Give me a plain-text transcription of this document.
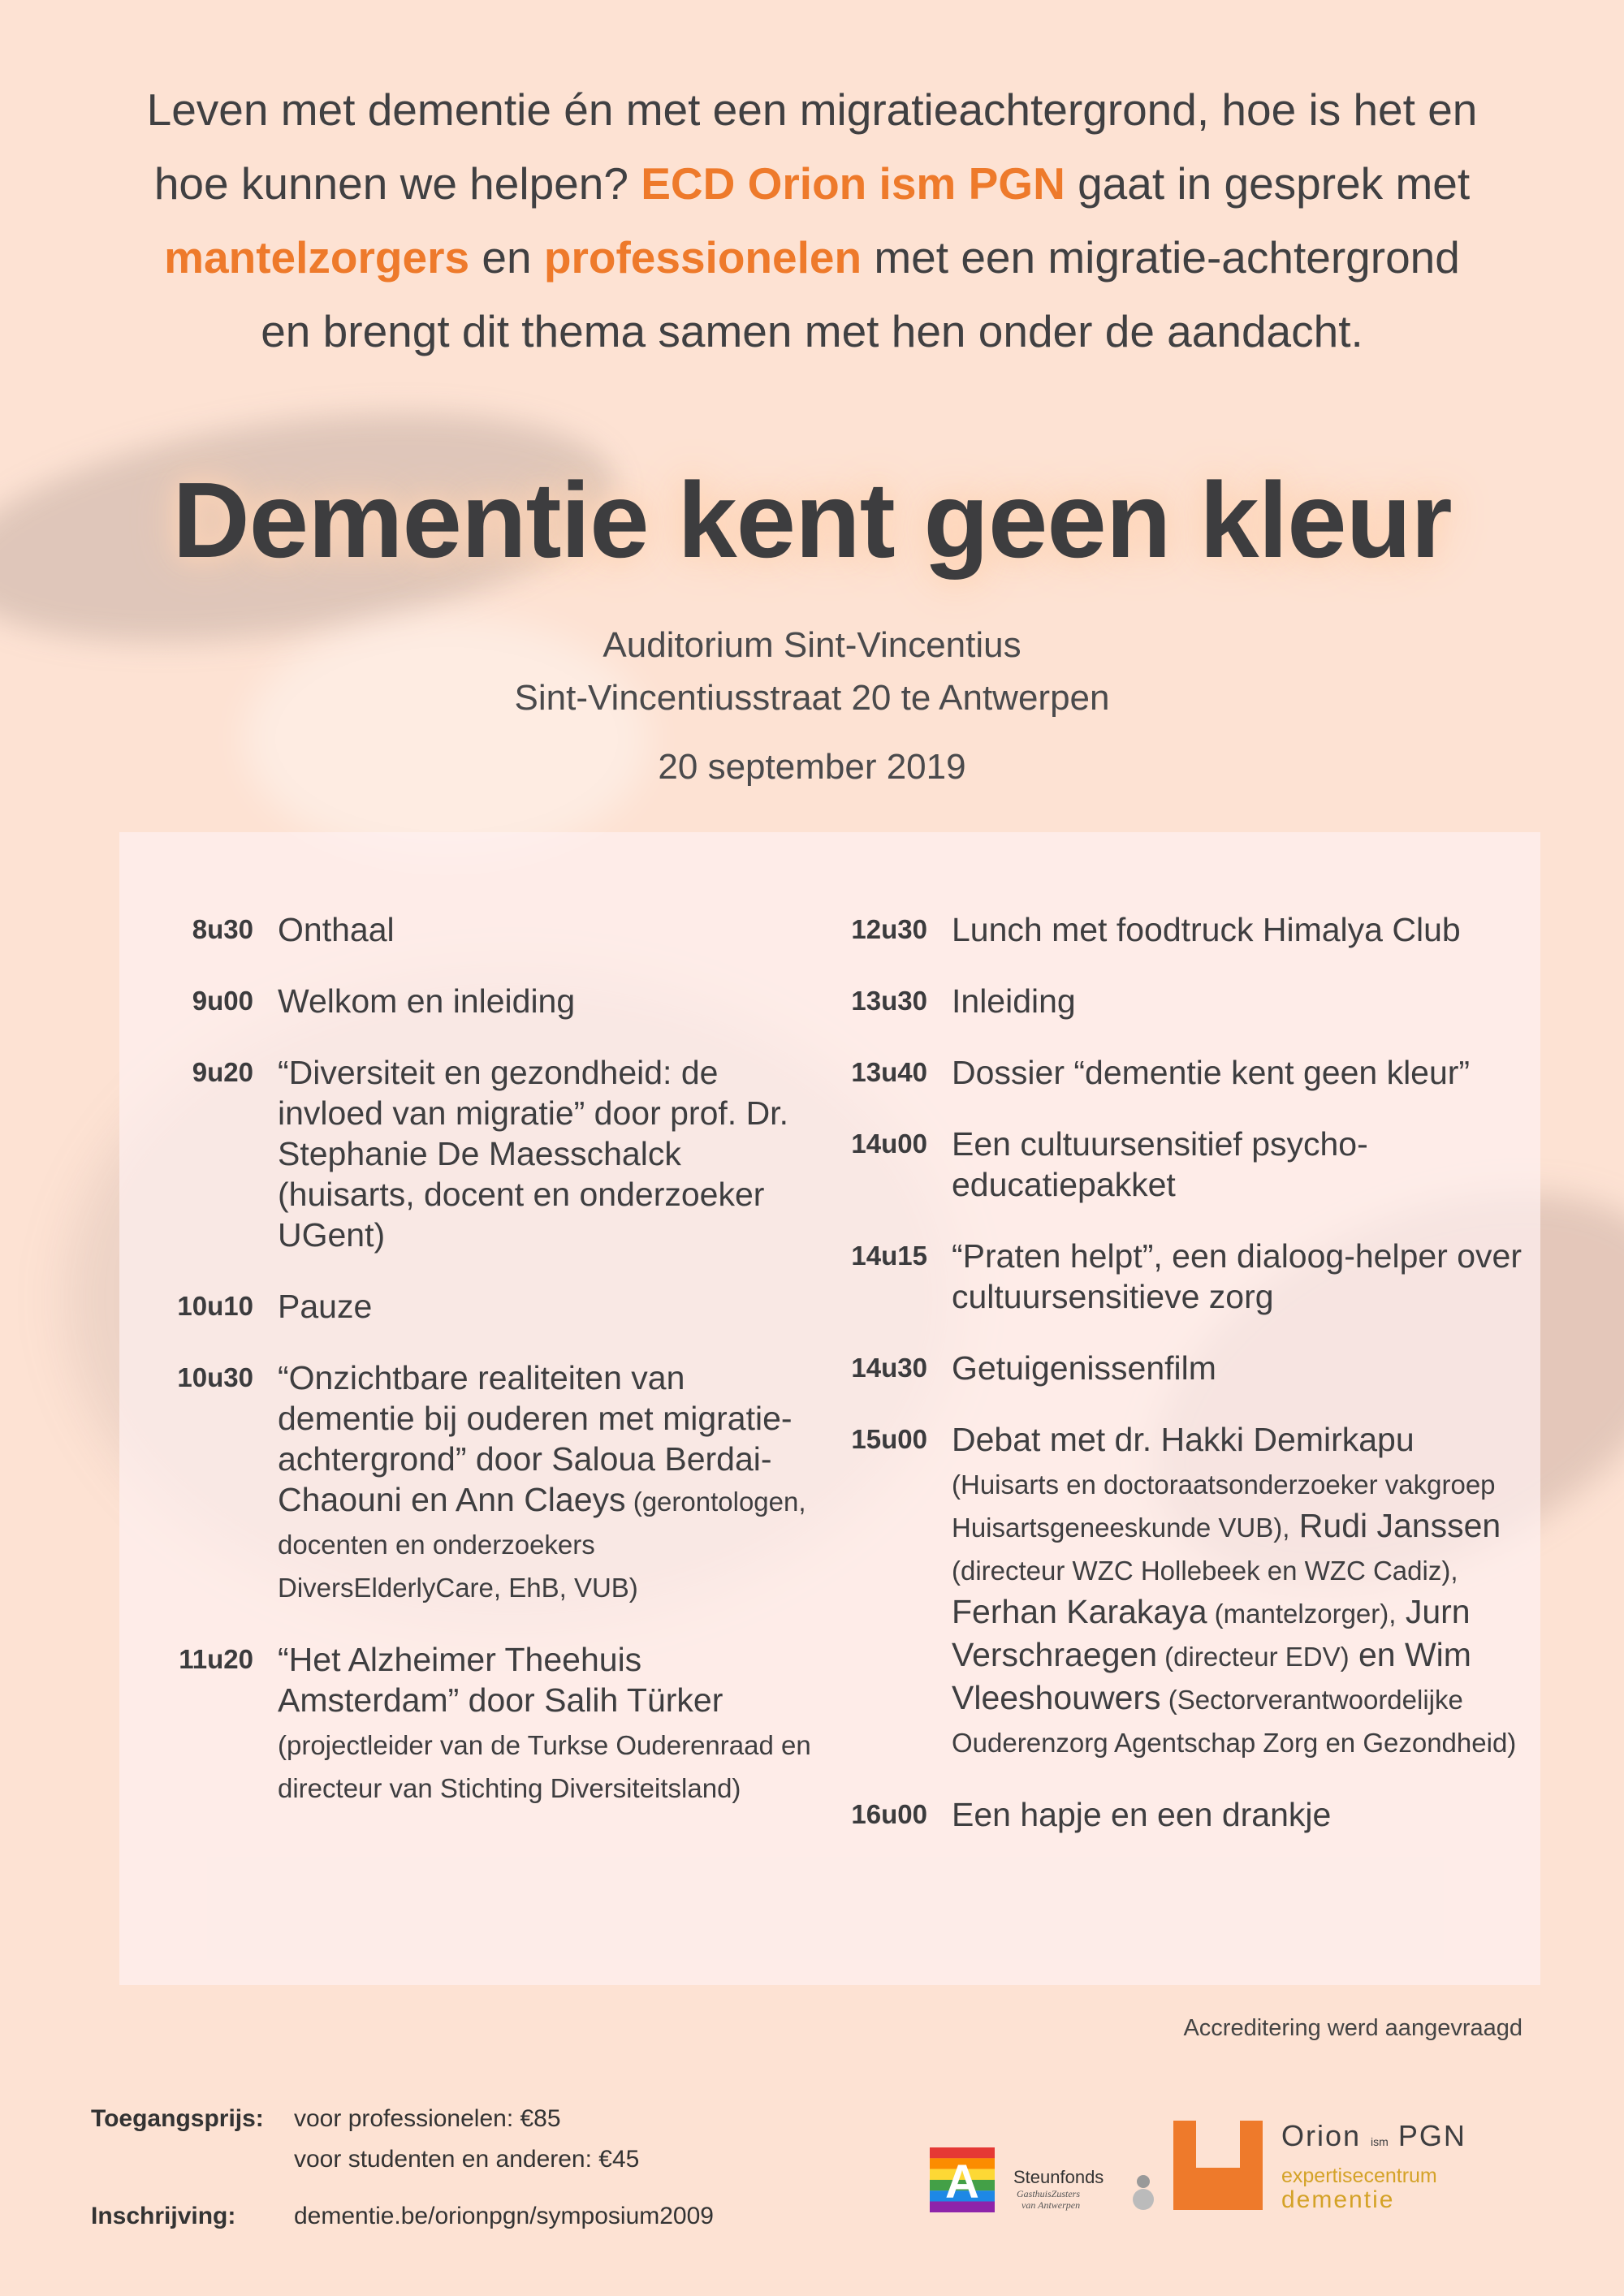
Leven met dementie én met een migratieachtergrond, hoe is het en hoe kunnen we helpen? ECD Orion ism PGN gaat in gesprek met mantelzorgers en professionelen met een migratie-achtergrond en brengt dit thema samen met hen onder de aandacht.
Dementie kent geen kleur
Auditorium Sint-Vincentius
Sint-Vincentiusstraat 20 te Antwerpen
20 september 2019
8u30 Onthaal
9u00 Welkom en inleiding
9u20 “Diversiteit en gezondheid: de invloed van migratie” door prof. Dr. Stephanie De Maesschalck (huisarts, docent en onderzoeker UGent)
10u10 Pauze
10u30 “Onzichtbare realiteiten van dementie bij ouderen met migratie-achtergrond” door Saloua Berdai-Chaouni en Ann Claeys (gerontologen, docenten en onderzoekers DiversElderlyCare, EhB, VUB)
11u20 “Het Alzheimer Theehuis Amsterdam” door Salih Türker (projectleider van de Turkse Ouderenraad en directeur van Stichting Diversiteitsland)
12u30 Lunch met foodtruck Himalya Club
13u30 Inleiding
13u40 Dossier “dementie kent geen kleur”
14u00 Een cultuursensitief psycho-educatiepakket
14u15 “Praten helpt”, een dialoog-helper over cultuursensitieve zorg
14u30 Getuigenissenfilm
15u00 Debat met dr. Hakki Demirkapu (Huisarts en doctoraatsonderzoeker vakgroep Huisartsgeneeskunde VUB), Rudi Janssen (directeur WZC Hollebeek en WZC Cadiz), Ferhan Karakaya (mantelzorger), Jurn Verschraegen (directeur EDV) en Wim Vleeshouwers (Sectorverantwoordelijke Ouderenzorg Agentschap Zorg en Gezondheid)
16u00 Een hapje en een drankje
Accreditering werd aangevraagd
Toegangsprijs: voor professionelen: €85
voor studenten en anderen: €45
Inschrijving: dementie.be/orionpgn/symposium2009
A Steunfonds
GasthuisZusters
van Antwerpen
Orion ism PGN
expertisecentrum
dementie
